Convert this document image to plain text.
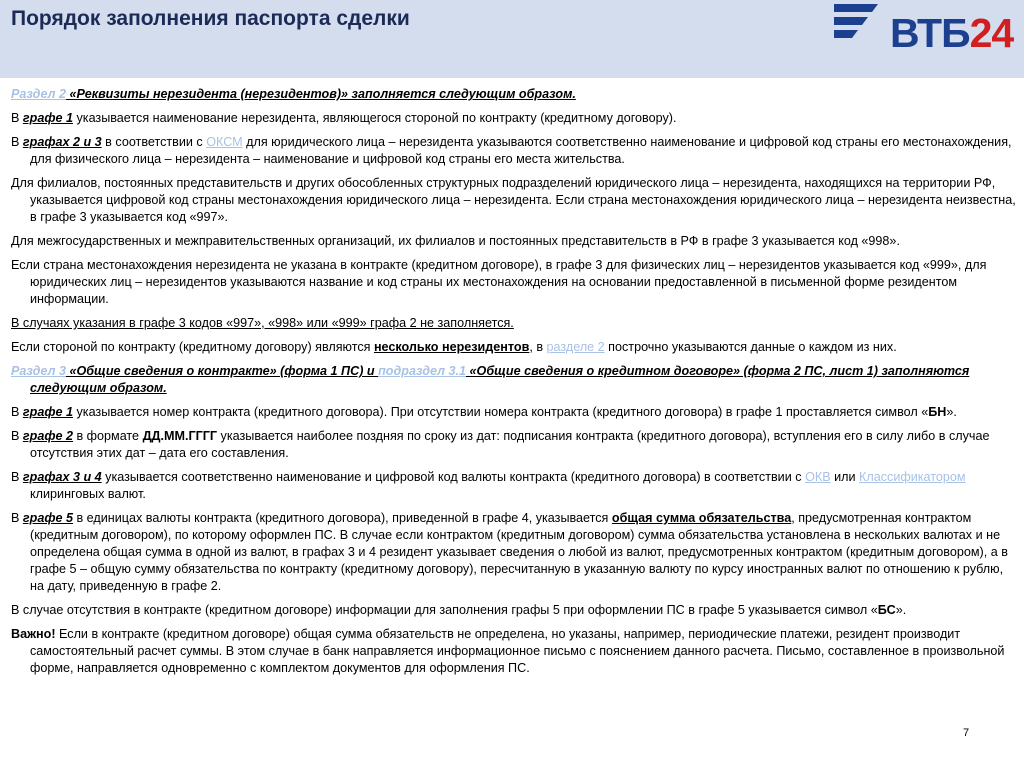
Порядок заполнения паспорта сделки	ВТБ24
Раздел 2 «Реквизиты нерезидента (нерезидентов)» заполняется следующим образом.
В графе 1 указывается наименование нерезидента, являющегося стороной по контракту (кредитному договору).
В графах 2 и 3 в соответствии с ОКСМ для юридического лица – нерезидента указываются соответственно наименование и цифровой код страны его местонахождения, для физического лица – нерезидента – наименование и цифровой код страны его места жительства.
Для филиалов, постоянных представительств и других обособленных структурных подразделений юридического лица – нерезидента, находящихся на территории РФ, указывается цифровой код страны местонахождения юридического лица – нерезидента. Если страна местонахождения юридического лица – нерезидента неизвестна, в графе 3 указывается код «997».
Для межгосударственных и межправительственных организаций, их филиалов и постоянных представительств в РФ в графе 3 указывается код «998».
Если страна местонахождения нерезидента не указана в контракте (кредитном договоре), в графе 3 для физических лиц – нерезидентов указывается код «999», для юридических лиц – нерезидентов указываются название и код страны их местонахождения на основании предоставленной в письменной форме резидентом информации.
В случаях указания в графе 3 кодов «997», «998» или «999» графа 2 не заполняется.
Если стороной по контракту (кредитному договору) являются несколько нерезидентов, в разделе 2 построчно указываются данные о каждом из них.
Раздел 3 «Общие сведения о контракте» (форма 1 ПС) и подраздел 3.1 «Общие сведения о кредитном договоре» (форма 2 ПС, лист 1) заполняются следующим образом.
В графе 1 указывается номер контракта (кредитного договора). При отсутствии номера контракта (кредитного договора) в графе 1 проставляется символ «БН».
В графе 2 в формате ДД.ММ.ГГГГ указывается наиболее поздняя по сроку из дат: подписания контракта (кредитного договора), вступления его в силу либо в случае отсутствия этих дат – дата его составления.
В графах 3 и 4 указывается соответственно наименование и цифровой код валюты контракта (кредитного договора) в соответствии с ОКВ или Классификатором клиринговых валют.
В графе 5 в единицах валюты контракта (кредитного договора), приведенной в графе 4, указывается общая сумма обязательства, предусмотренная контрактом (кредитным договором), по которому оформлен ПС. В случае если контрактом (кредитным договором) сумма обязательства установлена в нескольких валютах и не определена общая сумма в одной из валют, в графах 3 и 4 резидент указывает сведения о любой из валют, предусмотренных контрактом (кредитным договором), а в графе 5 – общую сумму обязательства по контракту (кредитному договору), пересчитанную в указанную валюту по курсу иностранных валют по отношению к рублю, на дату, приведенную в графе 2.
В случае отсутствия в контракте (кредитном договоре) информации для заполнения графы 5 при оформлении ПС в графе 5 указывается символ «БС».
Важно! Если в контракте (кредитном договоре) общая сумма обязательств не определена, но указаны, например, периодические платежи, резидент производит самостоятельный расчет суммы. В этом случае в банк направляется информационное письмо с пояснением данного расчета. Письмо, составленное в произвольной форме, направляется одновременно с комплектом документов для оформления ПС.
7
